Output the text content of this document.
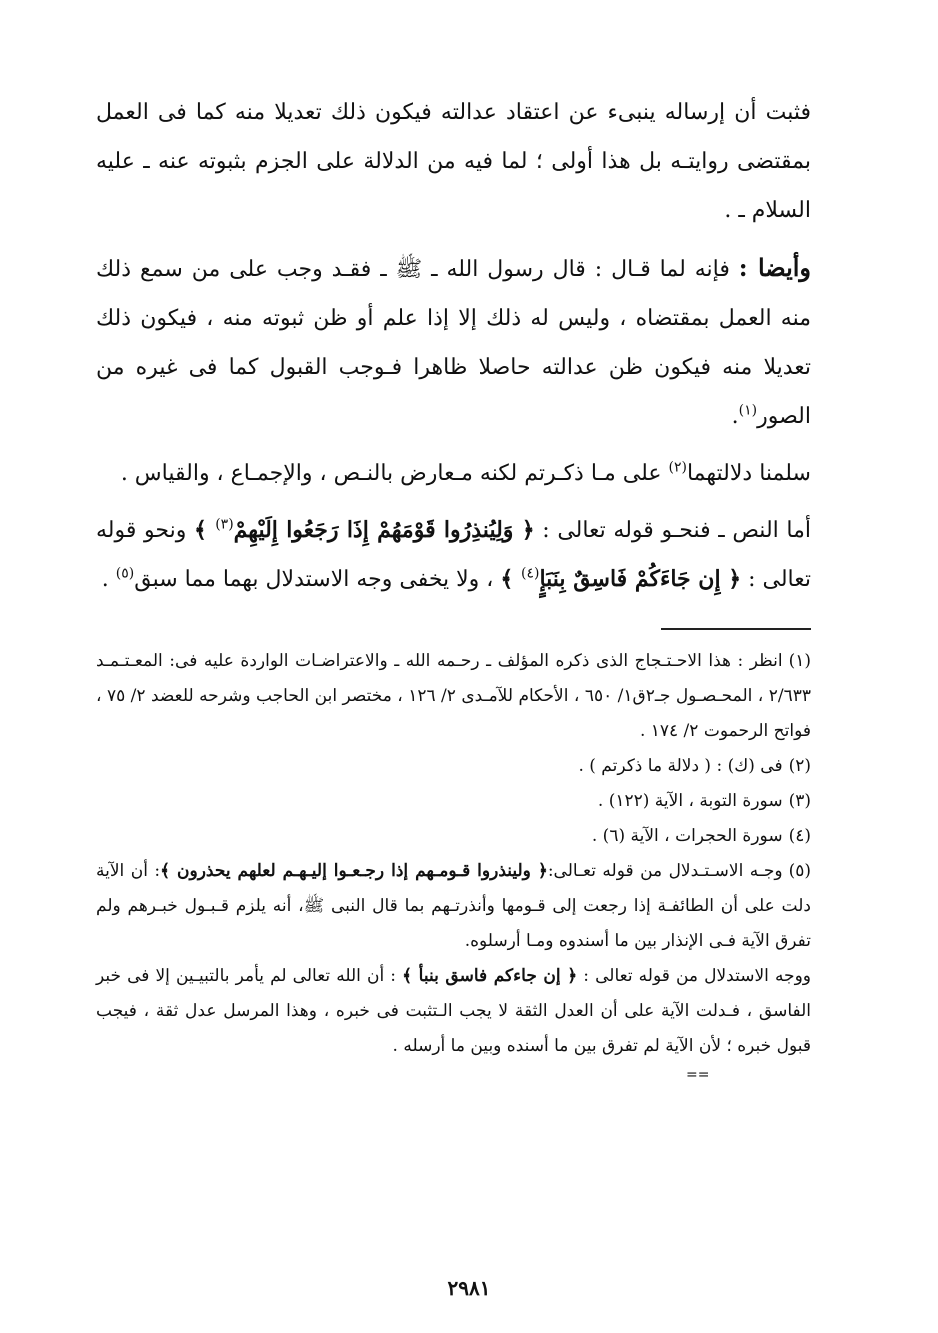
فثبت أن إرساله ينبىء عن اعتقاد عدالته فيكون ذلك تعديلا منه كما فى العمل بمقتضى روايتـه بل هذا أولى ؛ لما فيه من الدلالة على الجزم بثبوته عنه ـ عليه السلام ـ .

وأيضا : فإنه لما قـال : قال رسول الله ـ ﷺ ـ فقـد وجب على من سمع ذلك منه العمل بمقتضاه ، وليس له ذلك إلا إذا علم أو ظن ثبوته منه ، فيكون ذلك تعديلا منه فيكون ظن عدالته حاصلا ظاهرا فـوجب القبول كما فى غيره من الصور$^{(١)}$.

سلمنا دلالتهما$^{(٢)}$ على مـا ذكـرتم لكنه مـعارض بالنـص ، والإجمـاع ، والقياس .

أما النص ـ فنحـو قوله تعالى : ﴿ وَلِيُنذِرُوا قَوْمَهُمْ إِذَا رَجَعُوا إِلَيْهِمْ$^{(٣)}$ ﴾ ونحو قوله تعالى : ﴿ إِن جَاءَكُمْ فَاسِقٌ بِنَبَإٍ$^{(٤)}$ ﴾ ، ولا يخفى وجه الاستدلال بهما مما سبق$^{(٥)}$ .

(١)انظر : هذا الاحـتـجاج الذى ذكره المؤلف ـ رحـمه الله ـ والاعتراضـات الواردة عليه فى: المعـتـمـد ٢/٦٣٣ ، المحـصـول جـ٢ق١/ ٦٥٠ ، الأحكام للآمـدى ٢/ ١٢٦ ، مختصر ابن الحاجب وشرحه للعضد ٢/ ٧٥ ، فواتح الرحموت ٢/ ١٧٤ .

(٢)فى (ك) : ( دلالة ما ذكرتم ) .

(٣)سورة التوبة ، الآية (١٢٢) .

(٤)سورة الحجرات ، الآية (٦) .

(٥)وجـه الاسـتـدلال من قوله تعـالى:﴿ ولينذروا قـومـهم إذا رجـعـوا إليـهـم لعلهم يحذرون ﴾: أن الآية دلت على أن الطائفـة إذا رجعت إلى قـومها وأنذرتـهم بما قال النبى ﷺ، أنه يلزم قـبـول خبـرهم ولم تفرق الآية فـى الإنذار بين ما أسندوه ومـا أرسلوه.

ووجه الاستدلال من قوله تعالى : ﴿ إن جاءكم فاسق بنبأ ﴾ : أن الله تعالى لم يأمر بالتبيـين إلا فى خبر الفاسق ، فـدلت الآية على أن العدل الثقة لا يجب الـتثبت فى خبره ، وهذا المرسل عدل ثقة ، فيجب قبول خبره ؛ لأن الآية لم تفرق بين ما أسنده وبين ما أرسله .

==

٢٩٨١
